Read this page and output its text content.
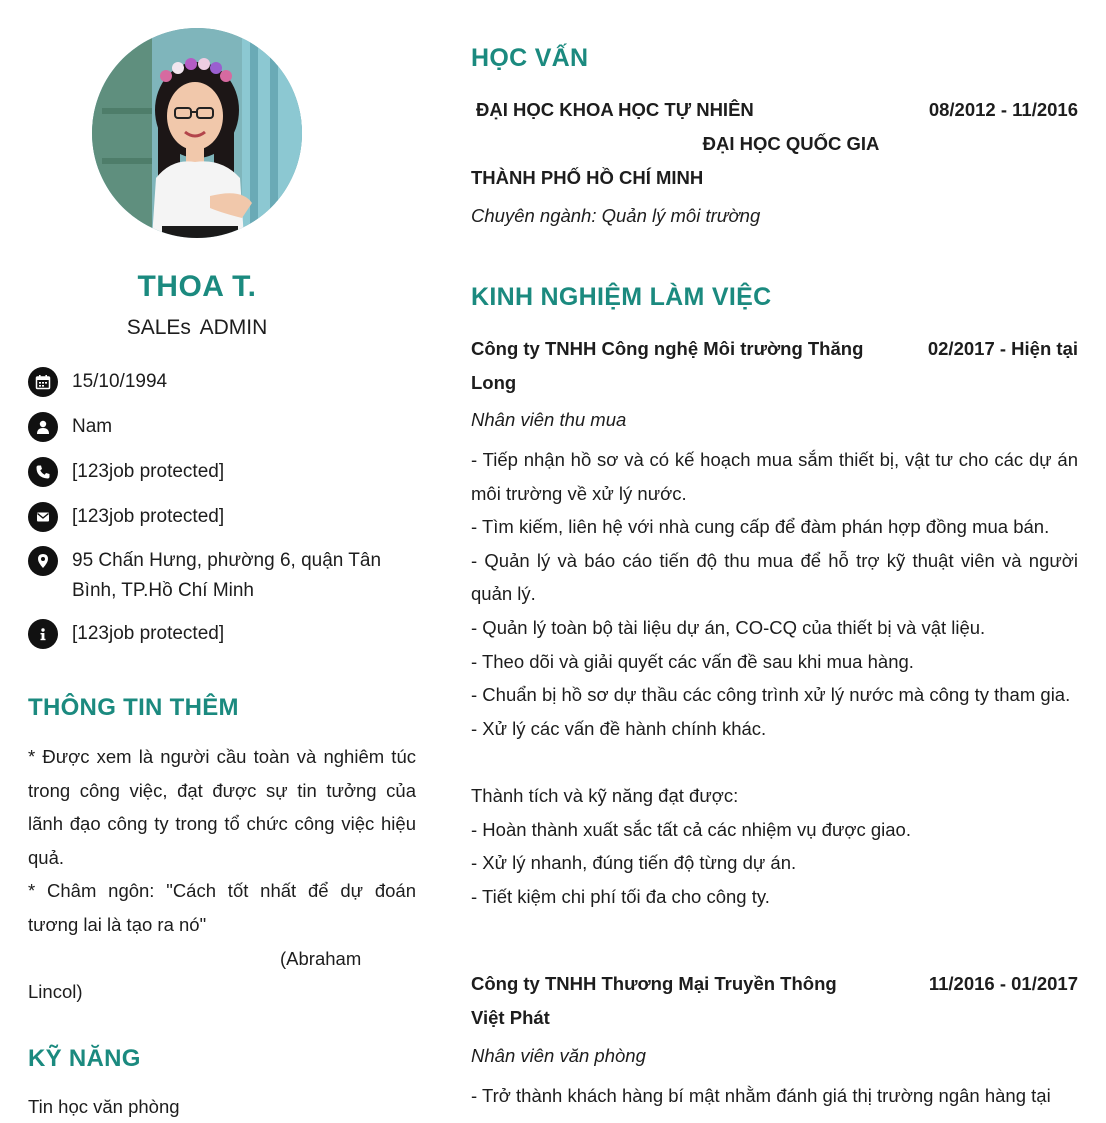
THOA T.
SALEs ADMIN
15/10/1994
Nam
[123job protected]
[123job protected]
95 Chấn Hưng, phường 6, quận Tân
Bình, TP.Hồ Chí Minh
[123job protected]
THÔNG TIN THÊM

* Được xem là người cầu toàn và nghiêm túc trong công việc, đạt được sự tin tưởng của lãnh đạo công ty trong tổ chức công việc hiệu quả.

* Châm ngôn: "Cách tốt nhất để dự đoán tương lai là tạo ra nó"

(Abraham

Lincol)

KỸ NĂNG
Tin học văn phòng
HỌC VẤN
ĐẠI HỌC KHOA HỌC TỰ NHIÊN	08/2012 - 11/2016
ĐẠI HỌC QUỐC GIA
THÀNH PHỐ HỒ CHÍ MINH
Chuyên ngành: Quản lý môi trường
KINH NGHIỆM LÀM VIỆC
Công ty TNHH Công nghệ Môi trường Thăng	02/2017 - Hiện tại
Long
Nhân viên thu mua
- Tiếp nhận hồ sơ và có kế hoạch mua sắm thiết bị, vật tư cho các dự án môi trường về xử lý nước.
- Tìm kiếm, liên hệ với nhà cung cấp để đàm phán hợp đồng mua bán.
- Quản lý và báo cáo tiến độ thu mua để hỗ trợ kỹ thuật viên và người quản lý.
- Quản lý toàn bộ tài liệu dự án, CO-CQ của thiết bị và vật liệu.
- Theo dõi và giải quyết các vấn đề sau khi mua hàng.
- Chuẩn bị hồ sơ dự thầu các công trình xử lý nước mà công ty tham gia.
- Xử lý các vấn đề hành chính khác.
Thành tích và kỹ năng đạt được:
- Hoàn thành xuất sắc tất cả các nhiệm vụ được giao.
- Xử lý nhanh, đúng tiến độ từng dự án.
- Tiết kiệm chi phí tối đa cho công ty.
Công ty TNHH Thương Mại Truyền Thông	11/2016 - 01/2017
Việt Phát
Nhân viên văn phòng
- Trở thành khách hàng bí mật nhằm đánh giá thị trường ngân hàng tại
